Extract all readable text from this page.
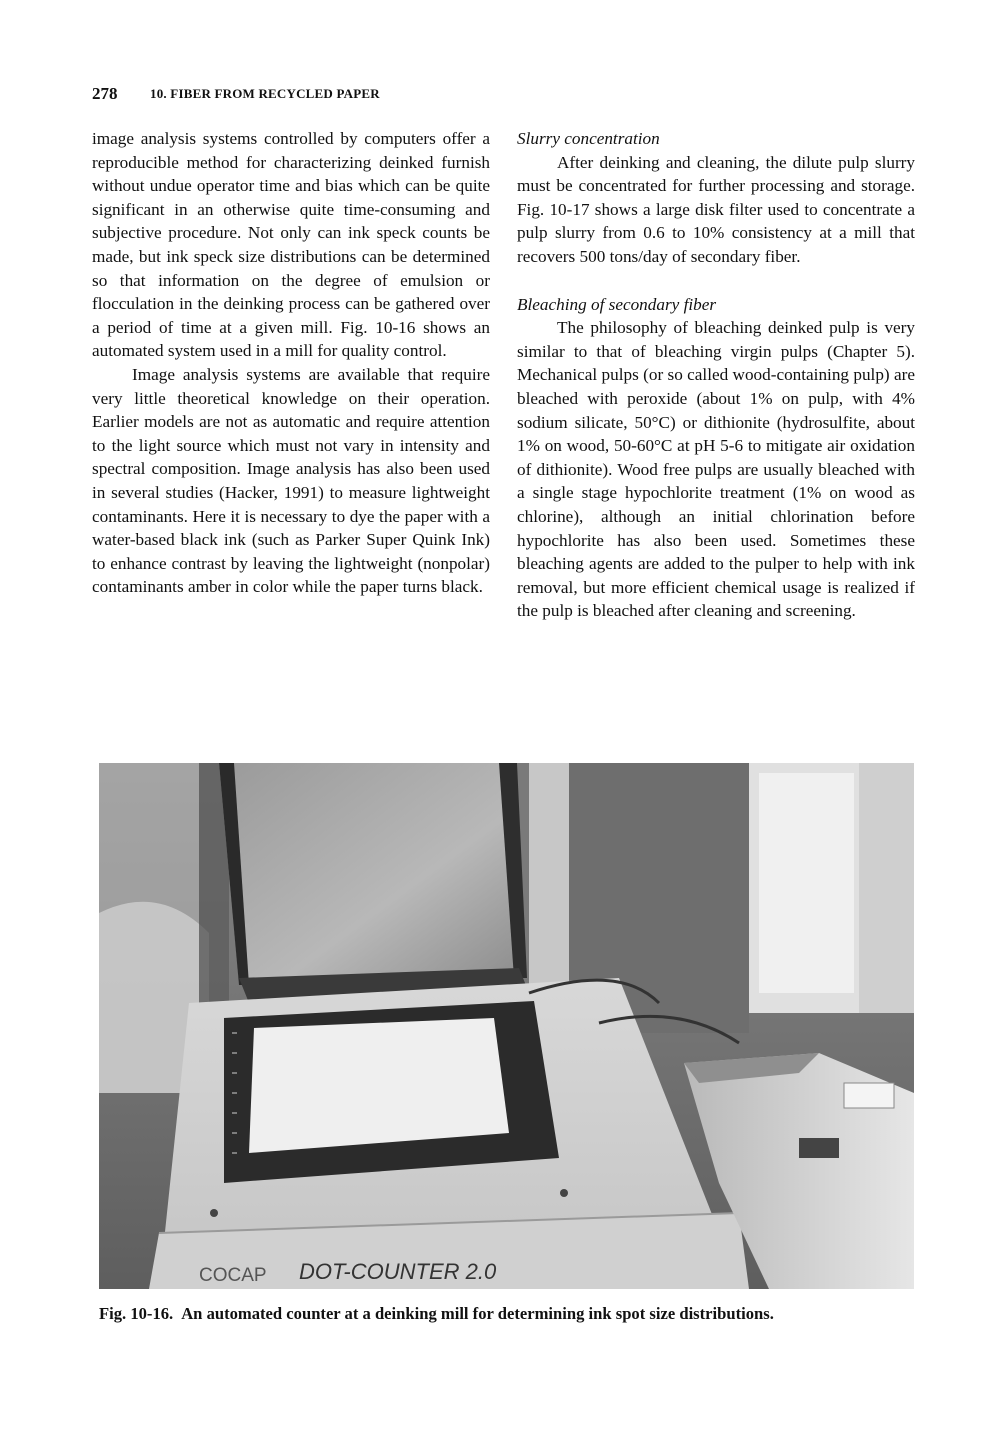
278	10. FIBER FROM RECYCLED PAPER

image analysis systems controlled by computers offer a reproducible method for characterizing deinked furnish without undue operator time and bias which can be quite significant in an otherwise quite time-consuming and subjective procedure. Not only can ink speck counts be made, but ink speck size distributions can be determined so that information on the degree of emulsion or flocculation in the deinking process can be gathered over a period of time at a given mill. Fig. 10-16 shows an automated system used in a mill for quality control.

Image analysis systems are available that require very little theoretical knowledge on their operation. Earlier models are not as automatic and require attention to the light source which must not vary in intensity and spectral composition. Image analysis has also been used in several studies (Hacker, 1991) to measure lightweight contaminants. Here it is necessary to dye the paper with a water-based black ink (such as Parker Super Quink Ink) to enhance contrast by leaving the lightweight (nonpolar) contaminants amber in color while the paper turns black.

Slurry concentration

After deinking and cleaning, the dilute pulp slurry must be concentrated for further processing and storage. Fig. 10-17 shows a large disk filter used to concentrate a pulp slurry from 0.6 to 10% consistency at a mill that recovers 500 tons/day of secondary fiber.

Bleaching of secondary fiber

The philosophy of bleaching deinked pulp is very similar to that of bleaching virgin pulps (Chapter 5). Mechanical pulps (or so called wood-containing pulp) are bleached with peroxide (about 1% on pulp, with 4% sodium silicate, 50°C) or dithionite (hydrosulfite, about 1% on wood, 50-60°C at pH 5-6 to mitigate air oxidation of dithionite). Wood free pulps are usually bleached with a single stage hypochlorite treatment (1% on wood as chlorine), although an initial chlorination before hypochlorite has also been used. Sometimes these bleaching agents are added to the pulper to help with ink removal, but more efficient chemical usage is realized if the pulp is bleached after cleaning and screening.

COCAP DOT-COUNTER 2.0
Fig. 10-16. An automated counter at a deinking mill for determining ink spot size distributions.
